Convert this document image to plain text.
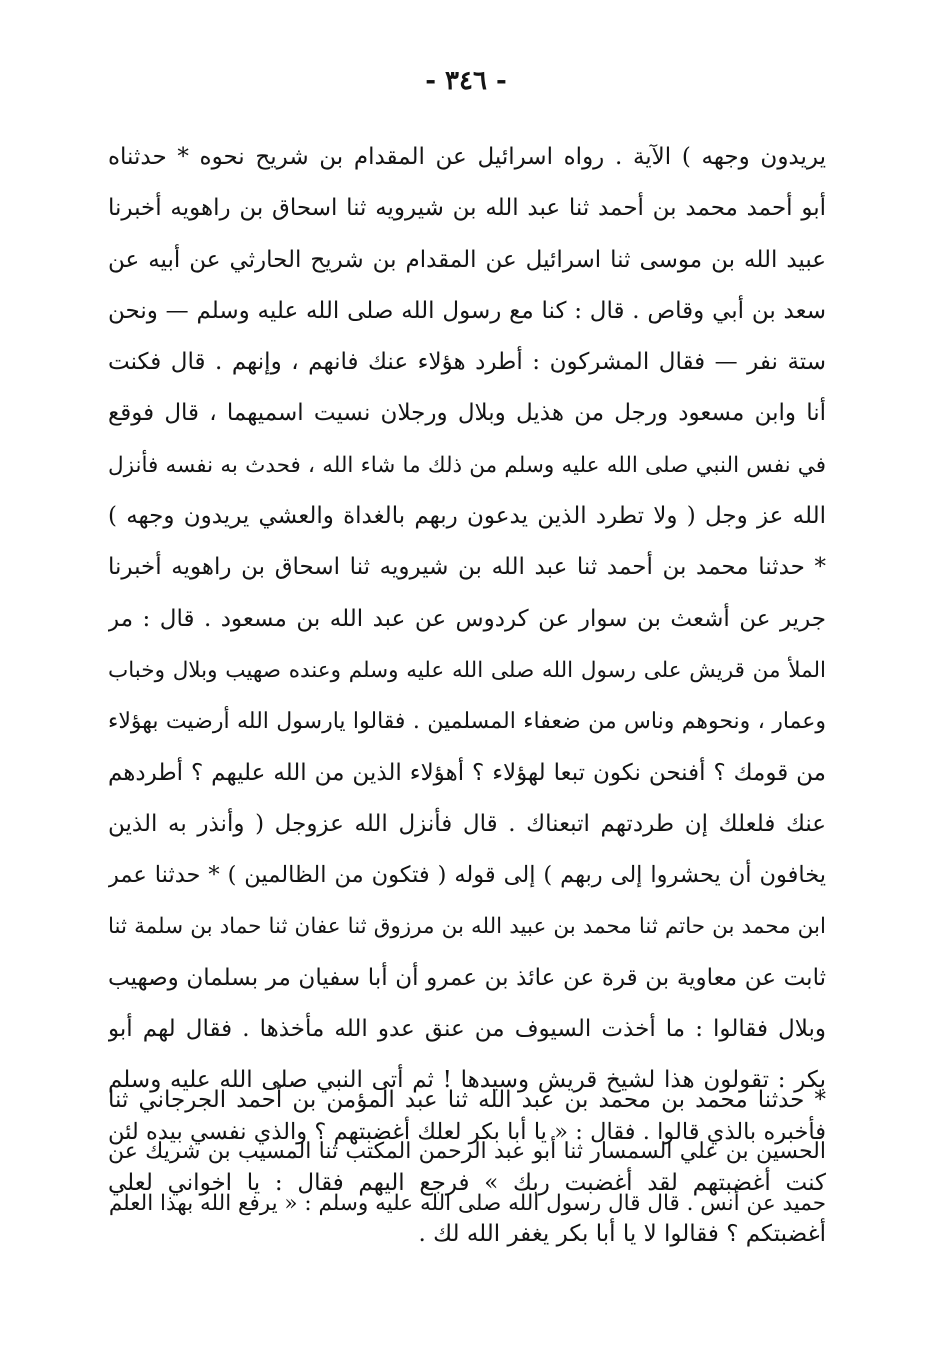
- ٣٤٦ -
يريدون وجهه ) الآية . رواه اسرائيل عن المقدام بن شريح نحوه * حدثناه
أبو أحمد محمد بن أحمد ثنا عبد الله بن شيرويه ثنا اسحاق بن راهويه أخبرنا
عبيد الله بن موسى ثنا اسرائيل عن المقدام بن شريح الحارثي عن أبيه عن
سعد بن أبي وقاص . قال : كنا مع رسول الله صلى الله عليه وسلم — ونحن
ستة نفر — فقال المشركون : أطرد هؤلاء عنك فانهم ، وإنهم . قال فكنت
أنا وابن مسعود ورجل من هذيل وبلال ورجلان نسيت اسميهما ، قال فوقع
في نفس النبي صلى الله عليه وسلم من ذلك ما شاء الله ، فحدث به نفسه فأنزل
الله عز وجل ( ولا تطرد الذين يدعون ربهم بالغداة والعشي يريدون وجهه )
* حدثنا محمد بن أحمد ثنا عبد الله بن شيرويه ثنا اسحاق بن راهويه أخبرنا
جرير عن أشعث بن سوار عن كردوس عن عبد الله بن مسعود . قال : مر
الملأ من قريش على رسول الله صلى الله عليه وسلم وعنده صهيب وبلال وخباب
وعمار ، ونحوهم وناس من ضعفاء المسلمين . فقالوا يارسول الله أرضيت بهؤلاء
من قومك ؟ أفنحن نكون تبعا لهؤلاء ؟ أهؤلاء الذين من الله عليهم ؟ أطردهم
عنك فلعلك إن طردتهم اتبعناك . قال فأنزل الله عزوجل ( وأنذر به الذين
يخافون أن يحشروا إلى ربهم ) إلى قوله ( فتكون من الظالمين ) * حدثنا عمر
ابن محمد بن حاتم ثنا محمد بن عبيد الله بن مرزوق ثنا عفان ثنا حماد بن سلمة ثنا
ثابت عن معاوية بن قرة عن عائذ بن عمرو أن أبا سفيان مر بسلمان وصهيب
وبلال فقالوا : ما أخذت السيوف من عنق عدو الله مأخذها . فقال لهم أبو
بكر : تقولون هذا لشيخ قريش وسيدها ! ثم أتى النبي صلى الله عليه وسلم
فأخبره بالذي قالوا . فقال : « يا أبا بكر لعلك أغضبتهم ؟ والذي نفسي بيده لئن
كنت أغضبتهم لقد أغضبت ربك » فرجع اليهم فقال : يا اخواني لعلي
أغضبتكم ؟ فقالوا لا يا أبا بكر يغفر الله لك .
* حدثنا محمد بن محمد بن عبد الله ثنا عبد المؤمن بن أحمد الجرجاني ثنا
الحسين بن علي السمسار ثنا أبو عبد الرحمن المكتب ثنا المسيب بن شريك عن
حميد عن أنس . قال قال رسول الله صلى الله عليه وسلم : « يرفع الله بهذا العلم
